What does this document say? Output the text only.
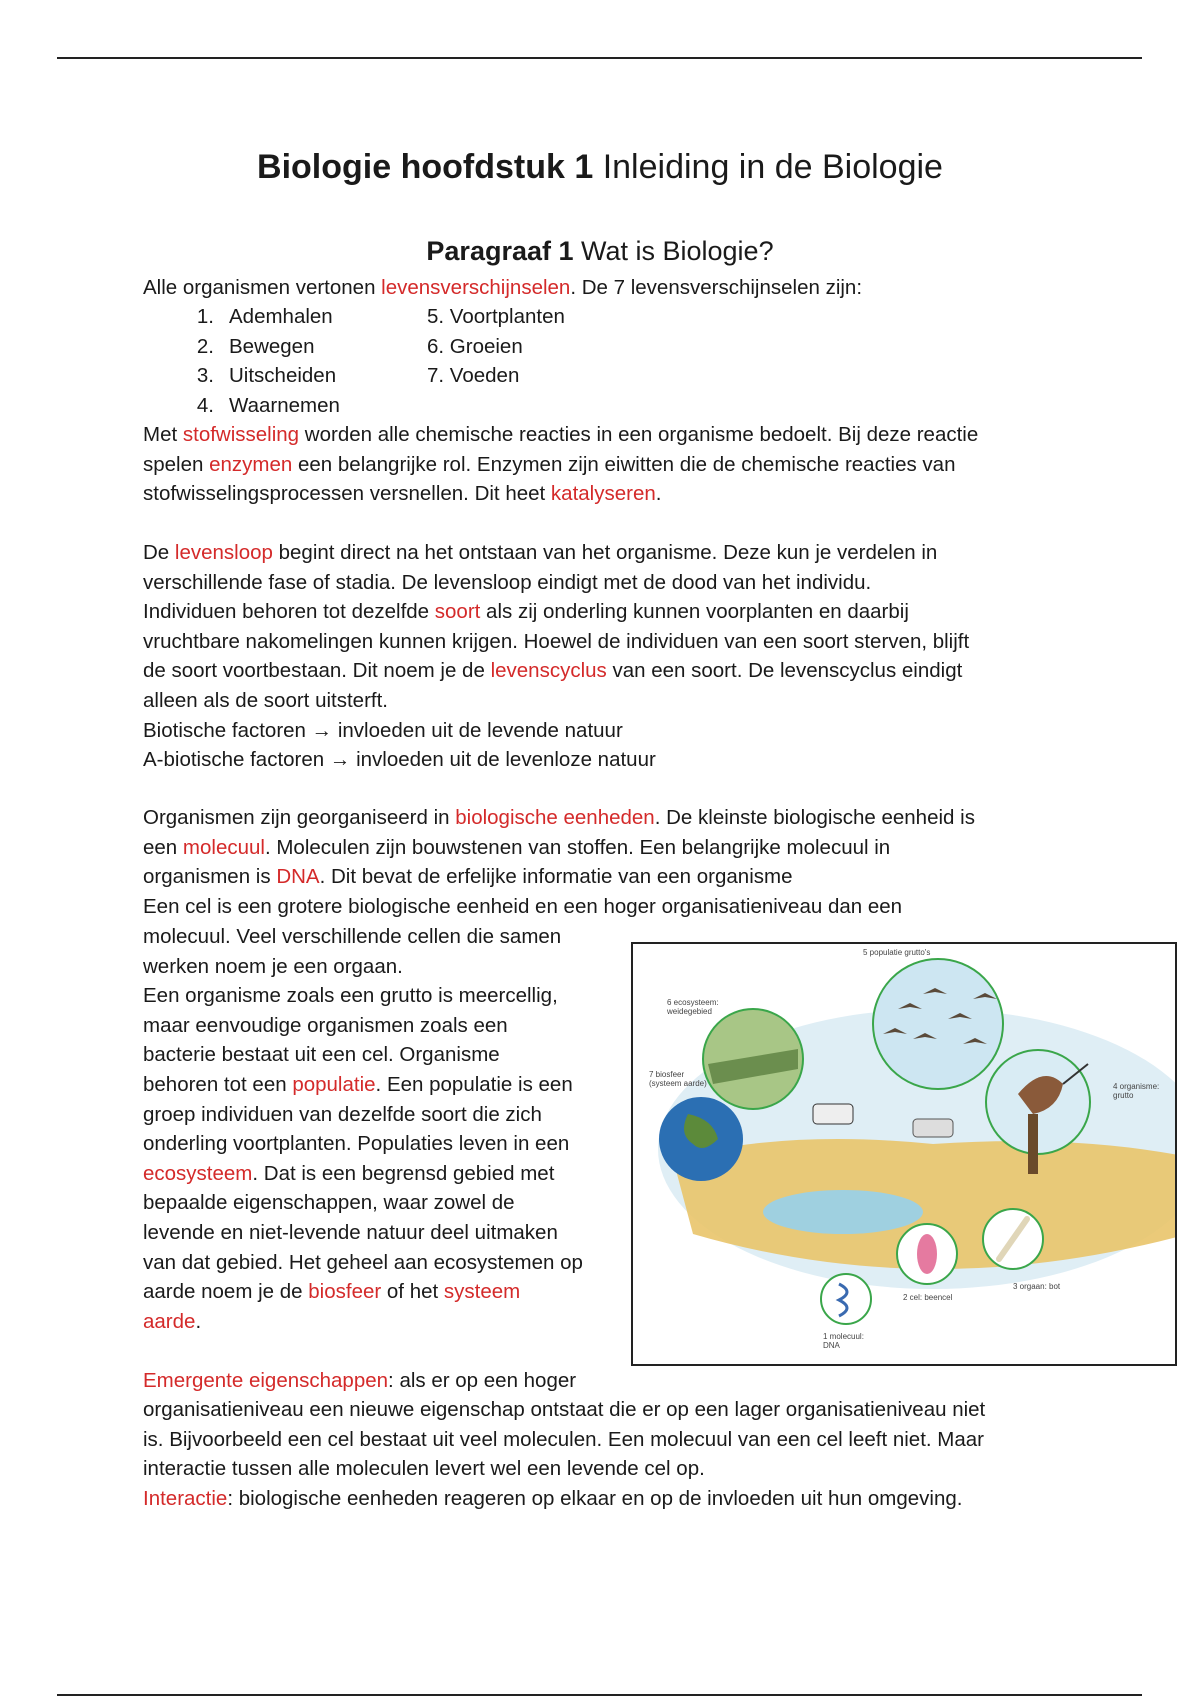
Biologie hoofdstuk 1 Inleiding in de Biologie
Paragraaf 1 Wat is Biologie?
Alle organismen vertonen levensverschijnselen. De 7 levensverschijnselen zijn:
1. Ademhalen
2. Bewegen
3. Uitscheiden
4. Waarnemen
5. Voortplanten
6. Groeien
7. Voeden
Met stofwisseling worden alle chemische reacties in een organisme bedoelt. Bij deze reactie
spelen enzymen een belangrijke rol. Enzymen zijn eiwitten die de chemische reacties van
stofwisselingsprocessen versnellen. Dit heet katalyseren.
De levensloop begint direct na het ontstaan van het organisme. Deze kun je verdelen in
verschillende fase of stadia. De levensloop eindigt met de dood van het individu.
Individuen behoren tot dezelfde soort als zij onderling kunnen voorplanten en daarbij
vruchtbare nakomelingen kunnen krijgen. Hoewel de individuen van een soort sterven, blijft
de soort voortbestaan. Dit noem je de levenscyclus van een soort. De levenscyclus eindigt
alleen als de soort uitsterft.
Biotische factoren → invloeden uit de levende natuur
A-biotische factoren → invloeden uit de levenloze natuur
Organismen zijn georganiseerd in biologische eenheden. De kleinste biologische eenheid is
een molecuul. Moleculen zijn bouwstenen van stoffen. Een belangrijke molecuul in
organismen is DNA. Dit bevat de erfelijke informatie van een organisme
Een cel is een grotere biologische eenheid en een hoger organisatieniveau dan een
molecuul. Veel verschillende cellen die samen
werken noem je een orgaan.
Een organisme zoals een grutto is meercellig,
maar eenvoudige organismen zoals een
bacterie bestaat uit een cel. Organisme
behoren tot een populatie. Een populatie is een
groep individuen van dezelfde soort die zich
onderling voortplanten. Populaties leven in een
ecosysteem. Dat is een begrensd gebied met
bepaalde eigenschappen, waar zowel de
levende en niet-levende natuur deel uitmaken
van dat gebied. Het geheel aan ecosystemen op
aarde noem je de biosfeer of het systeem
aarde.
5 populatie grutto's
6 ecosysteem:
weidegebied
7 biosfeer
(systeem aarde)	4 organisme:
grutto
1 molecuul:
DNA
2 cel: beencel
3 orgaan: bot
Emergente eigenschappen: als er op een hoger
organisatieniveau een nieuwe eigenschap ontstaat die er op een lager organisatieniveau niet
is. Bijvoorbeeld een cel bestaat uit veel moleculen. Een molecuul van een cel leeft niet. Maar
interactie tussen alle moleculen levert wel een levende cel op.
Interactie: biologische eenheden reageren op elkaar en op de invloeden uit hun omgeving.
